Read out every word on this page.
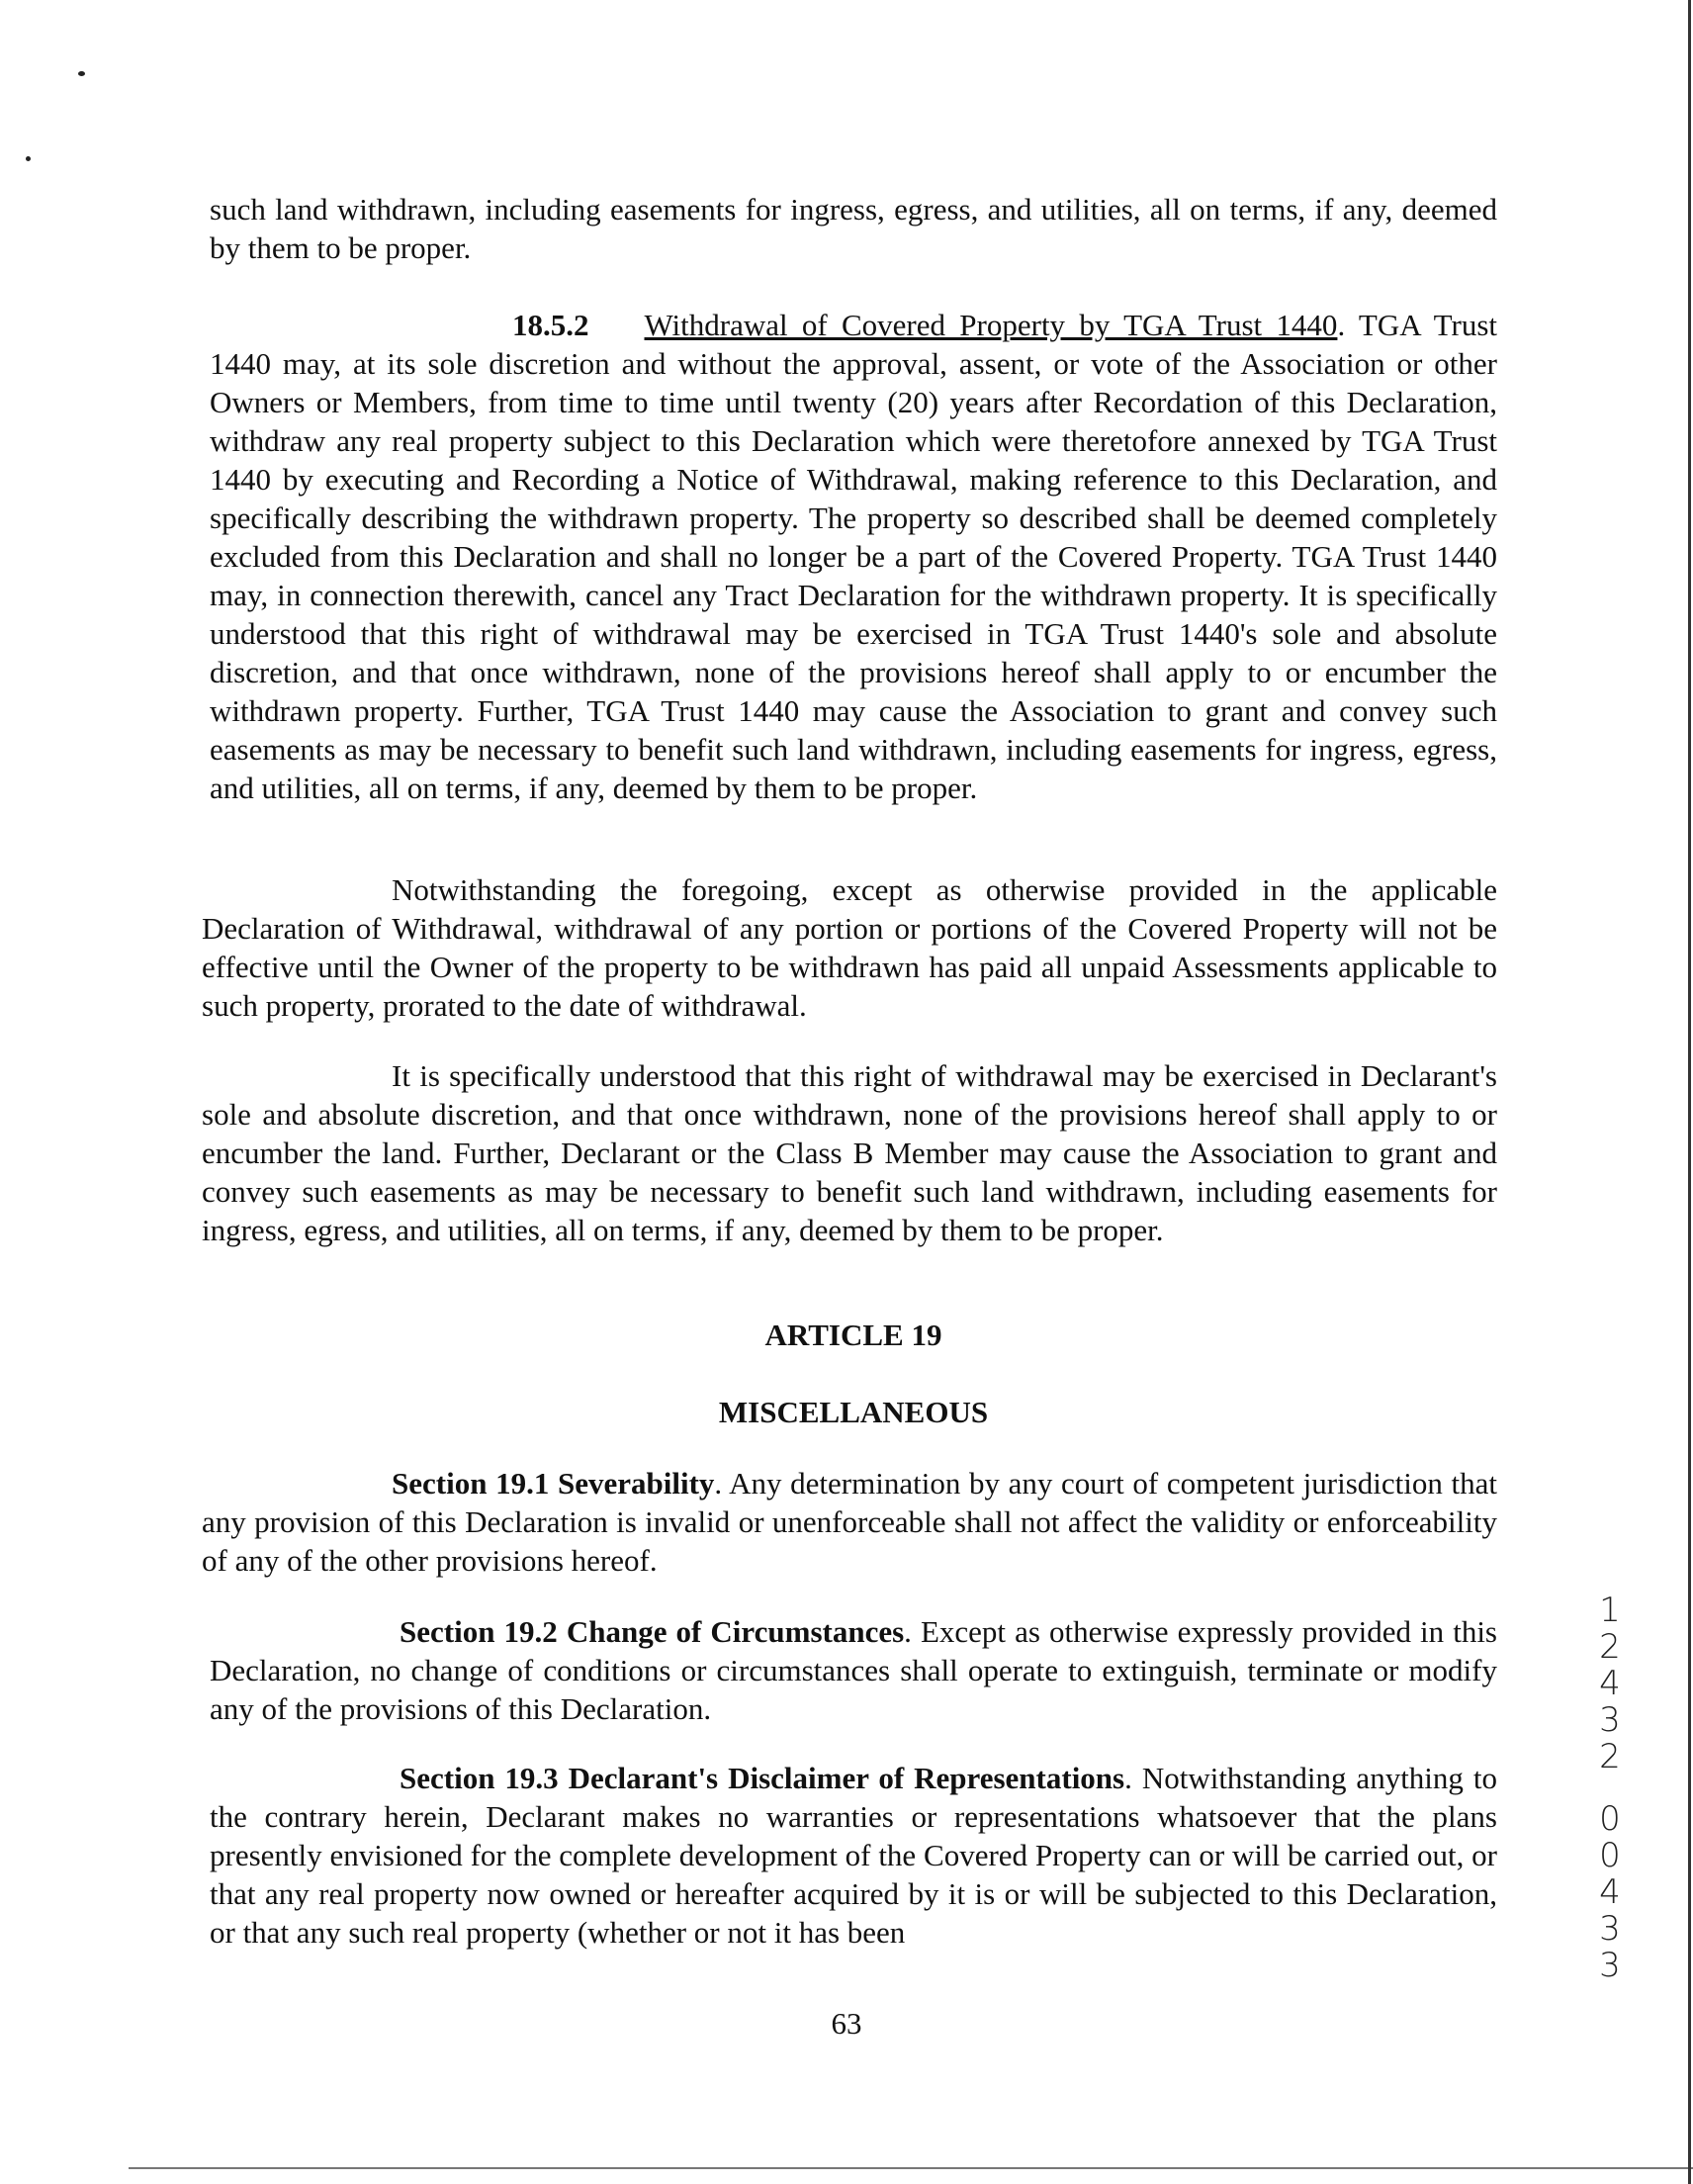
such land withdrawn, including easements for ingress, egress, and utilities, all on terms, if any, deemed by them to be proper.

18.5.2 Withdrawal of Covered Property by TGA Trust 1440. TGA Trust 1440 may, at its sole discretion and without the approval, assent, or vote of the Association or other Owners or Members, from time to time until twenty (20) years after Recordation of this Declaration, withdraw any real property subject to this Declaration which were theretofore annexed by TGA Trust 1440 by executing and Recording a Notice of Withdrawal, making reference to this Declaration, and specifically describing the withdrawn property. The property so described shall be deemed completely excluded from this Declaration and shall no longer be a part of the Covered Property. TGA Trust 1440 may, in connection therewith, cancel any Tract Declaration for the withdrawn property. It is specifically understood that this right of withdrawal may be exercised in TGA Trust 1440's sole and absolute discretion, and that once withdrawn, none of the provisions hereof shall apply to or encumber the withdrawn property. Further, TGA Trust 1440 may cause the Association to grant and convey such easements as may be necessary to benefit such land withdrawn, including easements for ingress, egress, and utilities, all on terms, if any, deemed by them to be proper.

Notwithstanding the foregoing, except as otherwise provided in the applicable Declaration of Withdrawal, withdrawal of any portion or portions of the Covered Property will not be effective until the Owner of the property to be withdrawn has paid all unpaid Assessments applicable to such property, prorated to the date of withdrawal.

It is specifically understood that this right of withdrawal may be exercised in Declarant's sole and absolute discretion, and that once withdrawn, none of the provisions hereof shall apply to or encumber the land. Further, Declarant or the Class B Member may cause the Association to grant and convey such easements as may be necessary to benefit such land withdrawn, including easements for ingress, egress, and utilities, all on terms, if any, deemed by them to be proper.

ARTICLE 19

MISCELLANEOUS

Section 19.1 Severability. Any determination by any court of competent jurisdiction that any provision of this Declaration is invalid or unenforceable shall not affect the validity or enforceability of any of the other provisions hereof.

Section 19.2 Change of Circumstances. Except as otherwise expressly provided in this Declaration, no change of conditions or circumstances shall operate to extinguish, terminate or modify any of the provisions of this Declaration.

Section 19.3 Declarant's Disclaimer of Representations. Notwithstanding anything to the contrary herein, Declarant makes no warranties or representations whatsoever that the plans presently envisioned for the complete development of the Covered Property can or will be carried out, or that any real property now owned or hereafter acquired by it is or will be subjected to this Declaration, or that any such real property (whether or not it has been

63
1
2
4
3
2
0
0
4
3
3
